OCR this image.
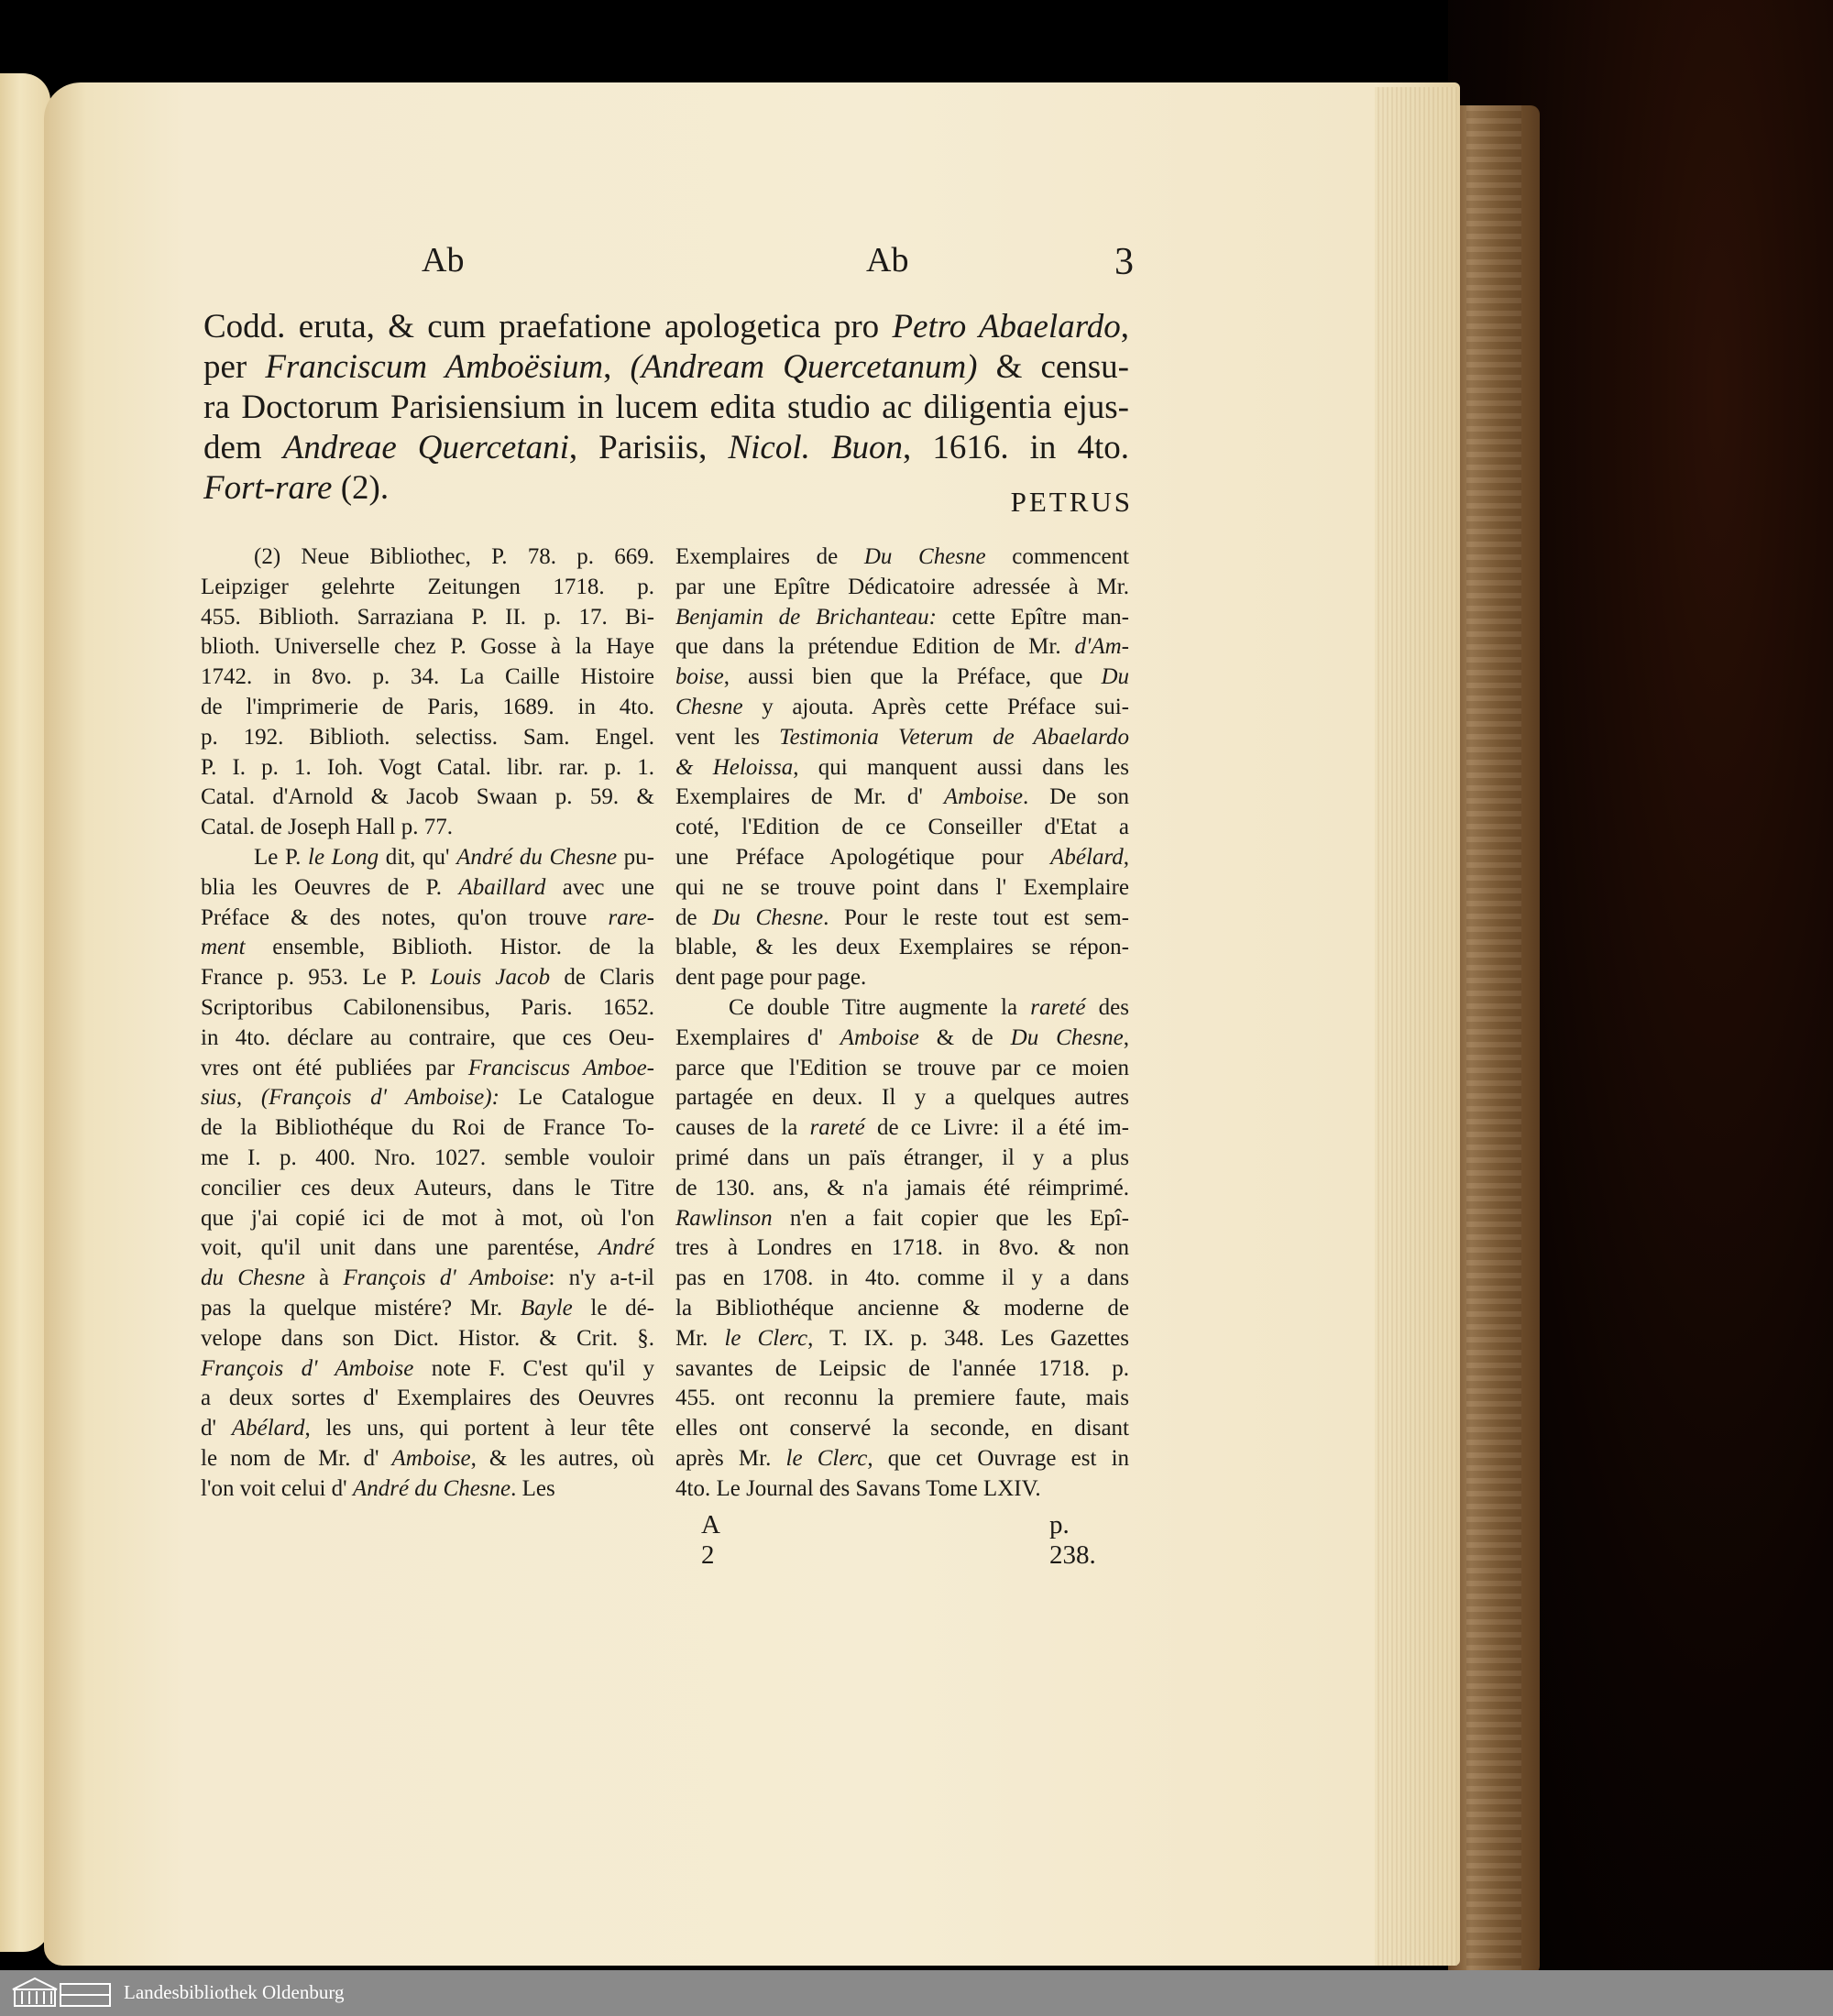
Ab	Ab	3
Codd. eruta, & cum praefatione apologetica pro Petro Abaelardo,
per Franciscum Amboësium, (Andream Quercetanum) & censu-
ra Doctorum Parisiensium in lucem edita studio ac diligentia ejus-
dem Andreae Quercetani, Parisiis, Nicol. Buon, 1616. in 4to.
Fort-rare (2).	PETRUS
(2) Neue Bibliothec, P. 78. p. 669.
Leipziger gelehrte Zeitungen 1718. p.
455. Biblioth. Sarraziana P. II. p. 17. Bi-
blioth. Universelle chez P. Gosse à la Haye
1742. in 8vo. p. 34. La Caille Histoire
de l'imprimerie de Paris, 1689. in 4to.
p. 192. Biblioth. selectiss. Sam. Engel.
P. I. p. 1. Ioh. Vogt Catal. libr. rar. p. 1.
Catal. d'Arnold & Jacob Swaan p. 59. &
Catal. de Joseph Hall p. 77.
Le P. le Long dit, qu' André du Chesne pu-
blia les Oeuvres de P. Abaillard avec une
Préface & des notes, qu'on trouve rare-
ment ensemble, Biblioth. Histor. de la
France p. 953. Le P. Louis Jacob de Claris
Scriptoribus Cabilonensibus, Paris. 1652.
in 4to. déclare au contraire, que ces Oeu-
vres ont été publiées par Franciscus Amboe-
sius, (François d' Amboise): Le Catalogue
de la Bibliothéque du Roi de France To-
me I. p. 400. Nro. 1027. semble vouloir
concilier ces deux Auteurs, dans le Titre
que j'ai copié ici de mot à mot, où l'on
voit, qu'il unit dans une parentése, André
du Chesne à François d' Amboise: n'y a-t-il
pas la quelque mistére? Mr. Bayle le dé-
velope dans son Dict. Histor. & Crit. §.
François d' Amboise note F. C'est qu'il y
a deux sortes d' Exemplaires des Oeuvres
d' Abélard, les uns, qui portent à leur tête
le nom de Mr. d' Amboise, & les autres, où
l'on voit celui d' André du Chesne. Les
Exemplaires de Du Chesne commencent
par une Epître Dédicatoire adressée à Mr.
Benjamin de Brichanteau: cette Epître man-
que dans la prétendue Edition de Mr. d'Am-
boise, aussi bien que la Préface, que Du
Chesne y ajouta. Après cette Préface sui-
vent les Testimonia Veterum de Abaelardo
& Heloissa, qui manquent aussi dans les
Exemplaires de Mr. d' Amboise. De son
coté, l'Edition de ce Conseiller d'Etat a
une Préface Apologétique pour Abélard,
qui ne se trouve point dans l' Exemplaire
de Du Chesne. Pour le reste tout est sem-
blable, & les deux Exemplaires se répon-
dent page pour page.
Ce double Titre augmente la rareté des
Exemplaires d' Amboise & de Du Chesne,
parce que l'Edition se trouve par ce moien
partagée en deux. Il y a quelques autres
causes de la rareté de ce Livre: il a été im-
primé dans un païs étranger, il y a plus
de 130. ans, & n'a jamais été réimprimé.
Rawlinson n'en a fait copier que les Epî-
tres à Londres en 1718. in 8vo. & non
pas en 1708. in 4to. comme il y a dans
la Bibliothéque ancienne & moderne de
Mr. le Clerc, T. IX. p. 348. Les Gazettes
savantes de Leipsic de l'année 1718. p.
455. ont reconnu la premiere faute, mais
elles ont conservé la seconde, en disant
après Mr. le Clerc, que cet Ouvrage est in
4to. Le Journal des Savans Tome LXIV.
A 2
p. 238.
Landesbibliothek Oldenburg
